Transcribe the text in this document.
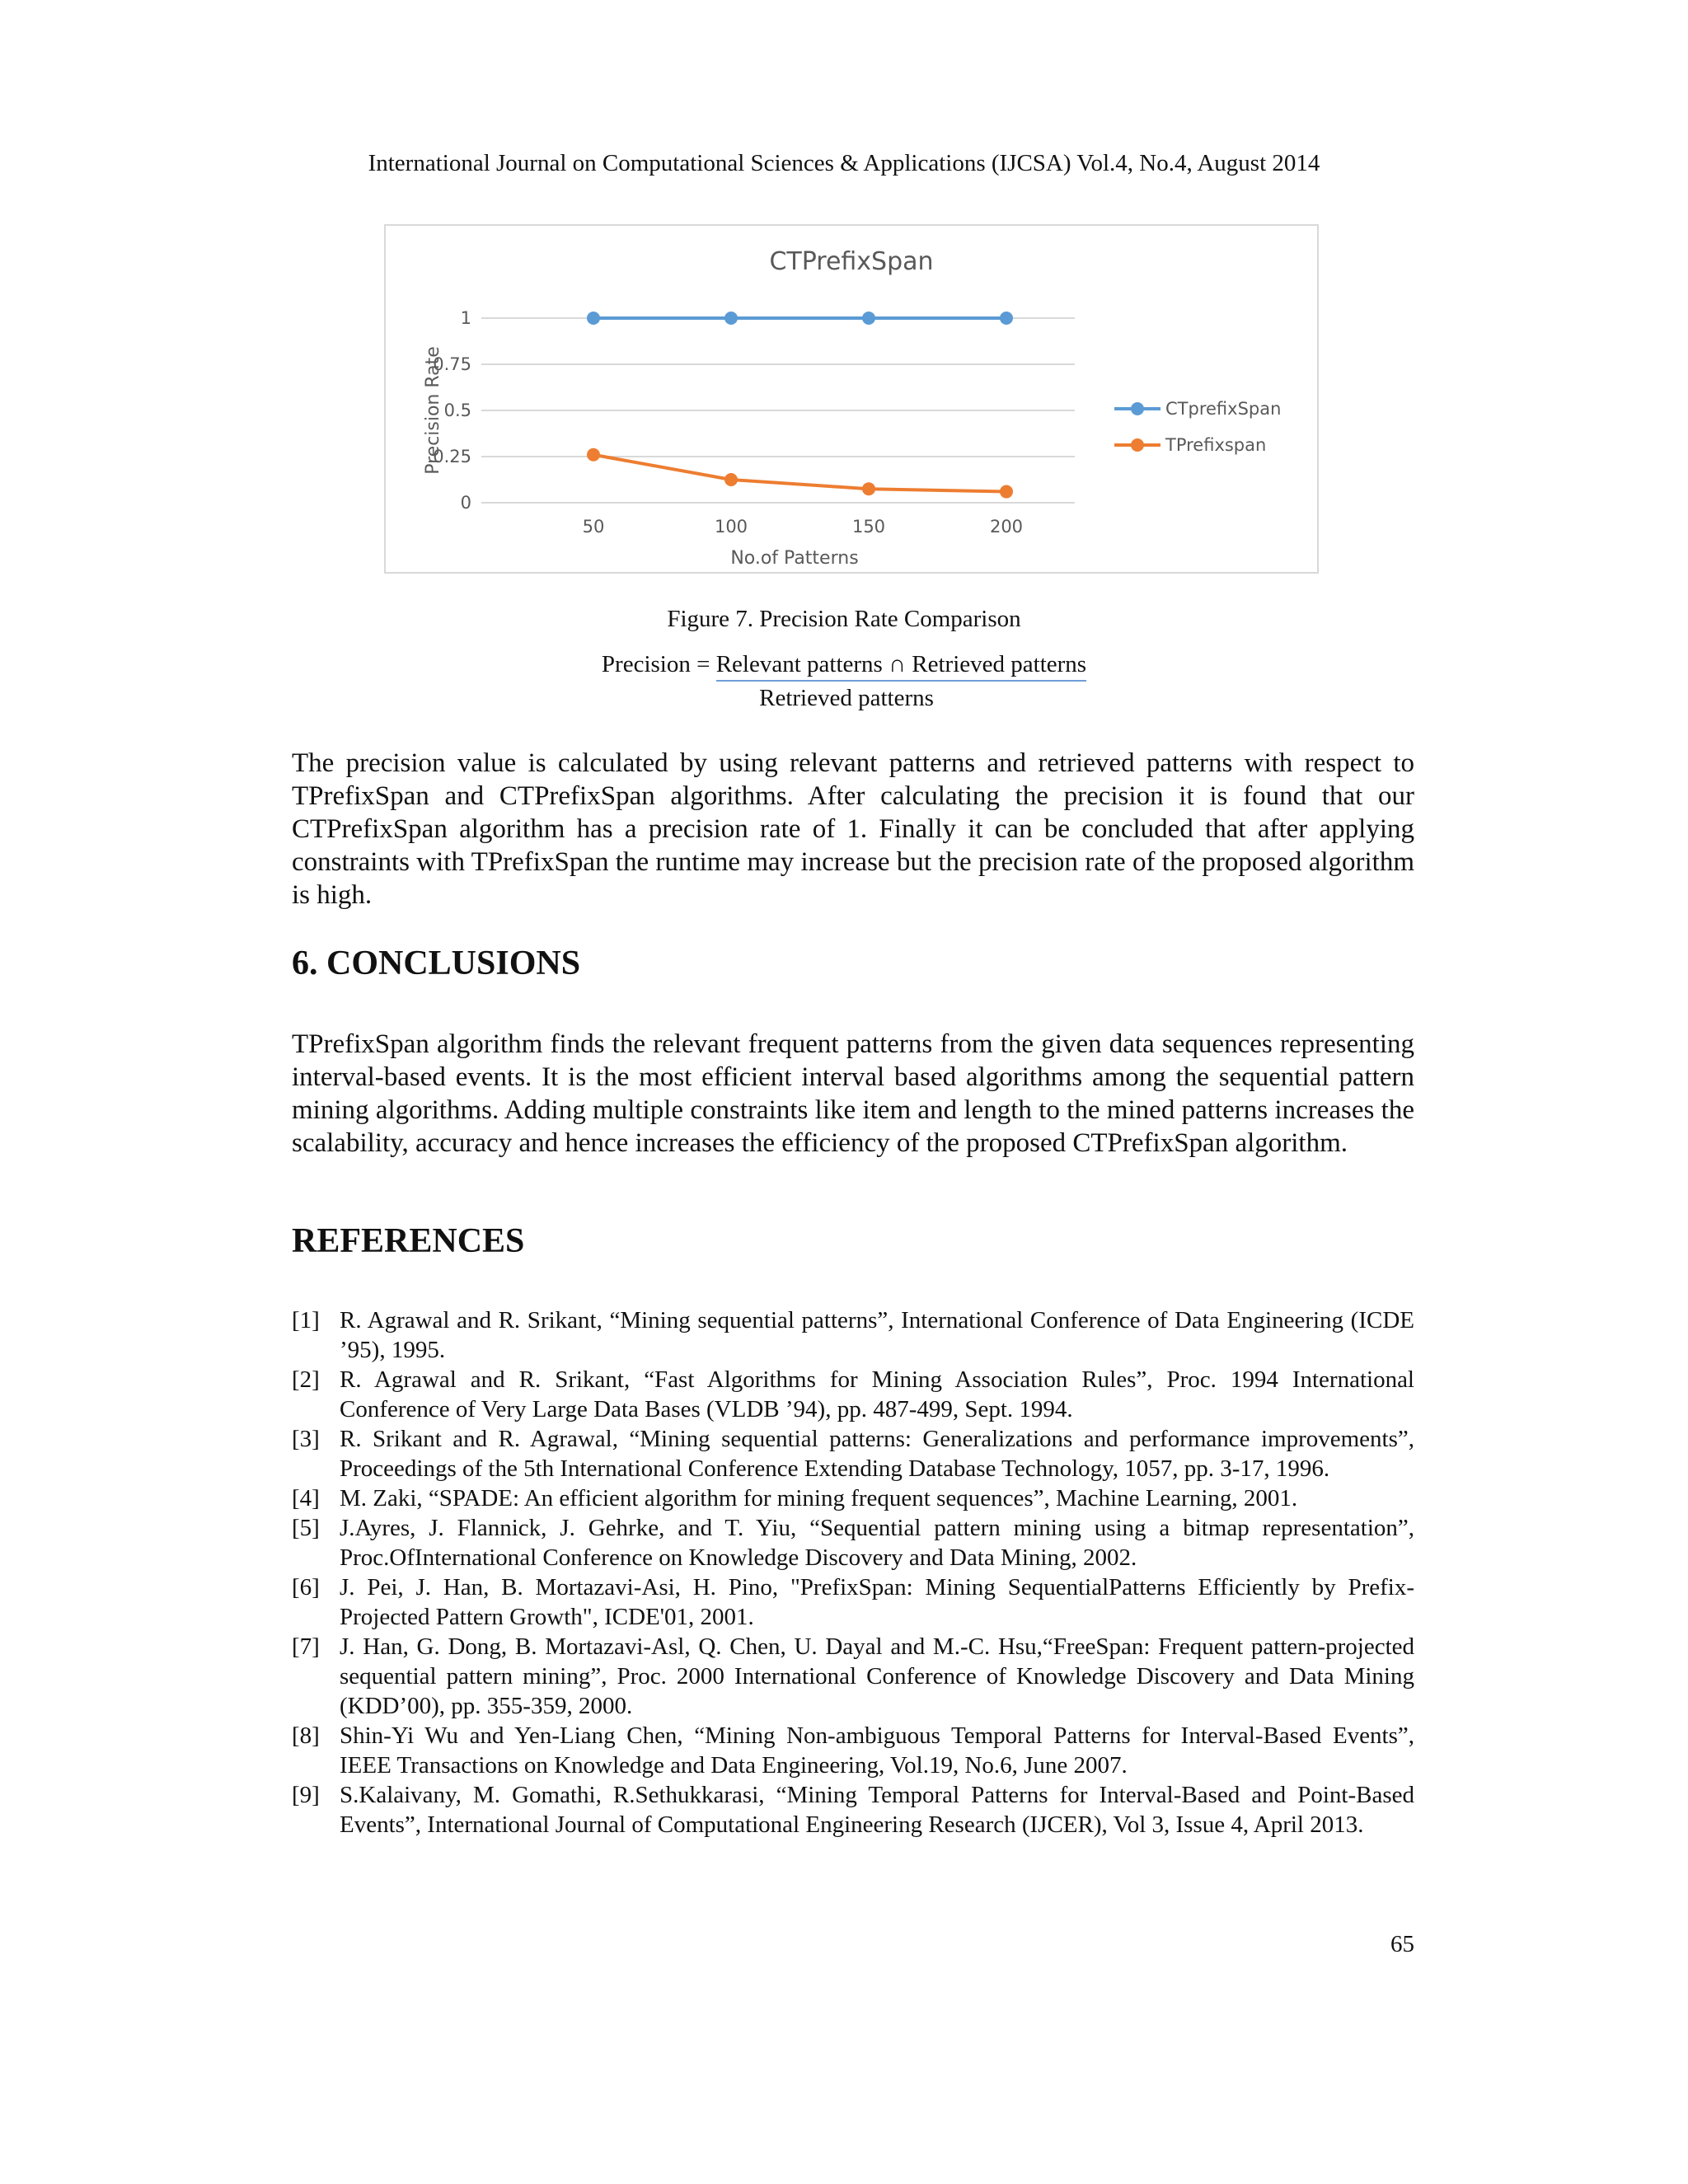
International Journal on Computational Sciences & Applications (IJCSA) Vol.4, No.4, August 2014
CTPrefixSpan
0
0.25
0.5
0.75
1
50	100	150	200
No.of Patterns
Precision Rate	CTprefixSpan
TPrefixspan
Figure 7. Precision Rate Comparison
Precision = Relevant patterns ∩ Retrieved patterns
Retrieved patterns
The precision value is calculated by using relevant patterns and retrieved patterns with respect to TPrefixSpan and CTPrefixSpan algorithms. After calculating the precision it is found that our CTPrefixSpan algorithm has a precision rate of 1. Finally it can be concluded that after applying constraints with TPrefixSpan the runtime may increase but the precision rate of the proposed algorithm is high.
6. CONCLUSIONS
TPrefixSpan algorithm finds the relevant frequent patterns from the given data sequences representing interval-based events. It is the most efficient interval based algorithms among the sequential pattern mining algorithms. Adding multiple constraints like item and length to the mined patterns increases the scalability, accuracy and hence increases the efficiency of the proposed CTPrefixSpan algorithm.
REFERENCES
[1] R. Agrawal and R. Srikant, “Mining sequential patterns”, International Conference of Data Engineering (ICDE ’95), 1995.
[2] R. Agrawal and R. Srikant, “Fast Algorithms for Mining Association Rules”, Proc. 1994 International Conference of Very Large Data Bases (VLDB ’94), pp. 487-499, Sept. 1994.
[3] R. Srikant and R. Agrawal, “Mining sequential patterns: Generalizations and performance improvements”, Proceedings of the 5th International Conference Extending Database Technology, 1057, pp. 3-17, 1996.
[4] M. Zaki, “SPADE: An efficient algorithm for mining frequent sequences”, Machine Learning, 2001.
[5] J.Ayres, J. Flannick, J. Gehrke, and T. Yiu, “Sequential pattern mining using a bitmap representation”, Proc.OfInternational Conference on Knowledge Discovery and Data Mining, 2002.
[6] J. Pei, J. Han, B. Mortazavi-Asi, H. Pino, "PrefixSpan: Mining SequentialPatterns Efficiently by Prefix- Projected Pattern Growth", ICDE'01, 2001.
[7] J. Han, G. Dong, B. Mortazavi-Asl, Q. Chen, U. Dayal and M.-C. Hsu,“FreeSpan: Frequent pattern-projected sequential pattern mining”, Proc. 2000 International Conference of Knowledge Discovery and Data Mining (KDD’00), pp. 355-359, 2000.
[8] Shin-Yi Wu and Yen-Liang Chen, “Mining Non-ambiguous Temporal Patterns for Interval-Based Events”, IEEE Transactions on Knowledge and Data Engineering, Vol.19, No.6, June 2007.
[9] S.Kalaivany, M. Gomathi, R.Sethukkarasi, “Mining Temporal Patterns for Interval-Based and Point-Based Events”, International Journal of Computational Engineering Research (IJCER), Vol 3, Issue 4, April 2013.
65
